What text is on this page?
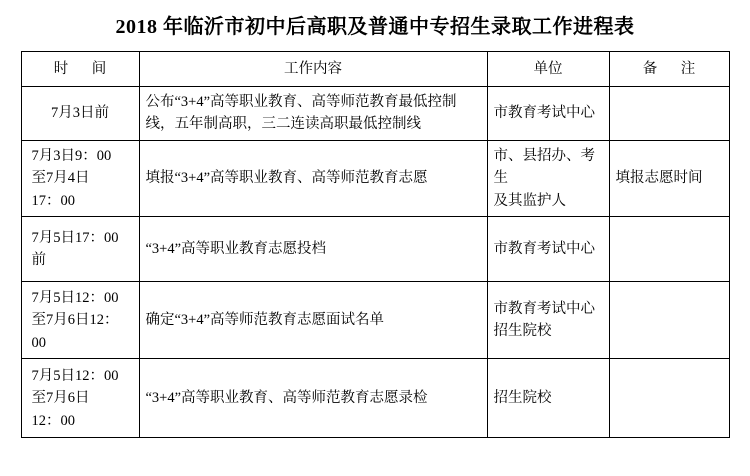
2018 年临沂市初中后高职及普通中专招生录取工作进程表
时 间	工作内容	单位	备 注

7月3日前	公布“3+4”高等职业教育、高等师范教育最低控制线，五年制高职，三二连读高职最低控制线	市教育考试中心	

7月3日9：00
至7月4日
17：00	填报“3+4”高等职业教育、高等师范教育志愿	市、县招办、考生
及其监护人	填报志愿时间

7月5日17：00
前	“3+4”高等职业教育志愿投档	市教育考试中心	

7月5日12：00
至7月6日12：
00	确定“3+4”高等师范教育志愿面试名单	市教育考试中心
招生院校	

7月5日12：00
至7月6日
12：00	“3+4”高等职业教育、高等师范教育志愿录检	招生院校	
